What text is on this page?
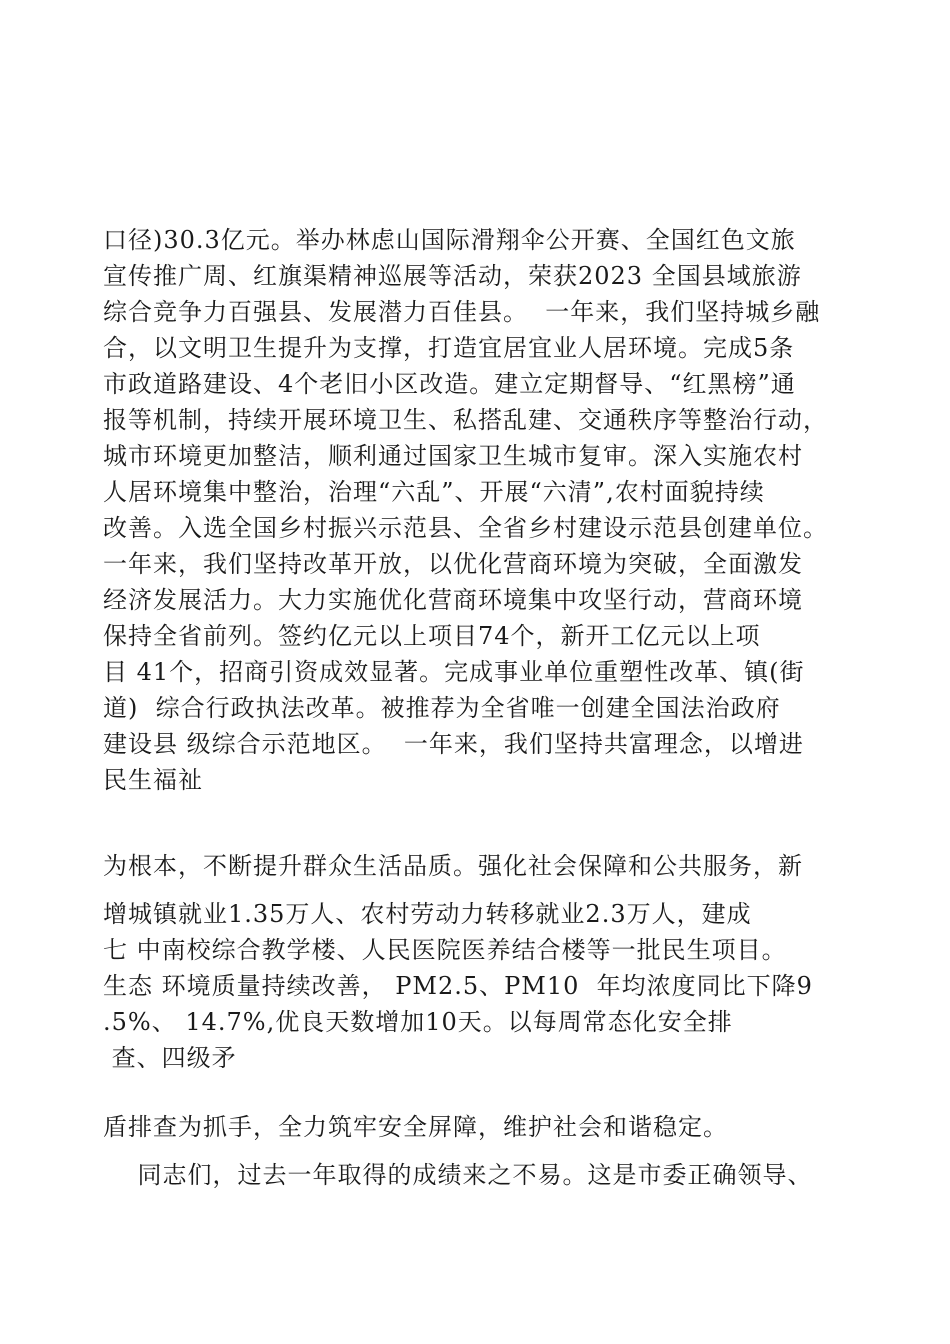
口径)30.3亿元。举办林虑山国际滑翔伞公开赛、全国红色文旅
宣传推广周、红旗渠精神巡展等活动，荣获2023 全国县域旅游
综合竞争力百强县、发展潜力百佳县。  一年来，我们坚持城乡融
合，以文明卫生提升为支撑，打造宜居宜业人居环境。完成5条
市政道路建设、4个老旧小区改造。建立定期督导、“红黑榜”通
报等机制，持续开展环境卫生、私搭乱建、交通秩序等整治行动，
城市环境更加整洁，顺利通过国家卫生城市复审。深入实施农村
人居环境集中整治，治理“六乱”、开展“六清”,农村面貌持续
改善。入选全国乡村振兴示范县、全省乡村建设示范县创建单位。
一年来，我们坚持改革开放，以优化营商环境为突破，全面激发
经济发展活力。大力实施优化营商环境集中攻坚行动，营商环境
保持全省前列。签约亿元以上项目74个，新开工亿元以上项
目 41个，招商引资成效显著。完成事业单位重塑性改革、镇(街
道)  综合行政执法改革。被推荐为全省唯一创建全国法治政府
建设县 级综合示范地区。  一年来，我们坚持共富理念，以增进
民生福祉
为根本，不断提升群众生活品质。强化社会保障和公共服务，新
增城镇就业1.35万人、农村劳动力转移就业2.3万人，建成
七 中南校综合教学楼、人民医院医养结合楼等一批民生项目。
生态 环境质量持续改善， PM2.5、PM10  年均浓度同比下降9
.5%、 14.7%,优良天数增加10天。以每周常态化安全排
查、四级矛
盾排查为抓手，全力筑牢安全屏障，维护社会和谐稳定。
同志们，过去一年取得的成绩来之不易。这是市委正确领导、
